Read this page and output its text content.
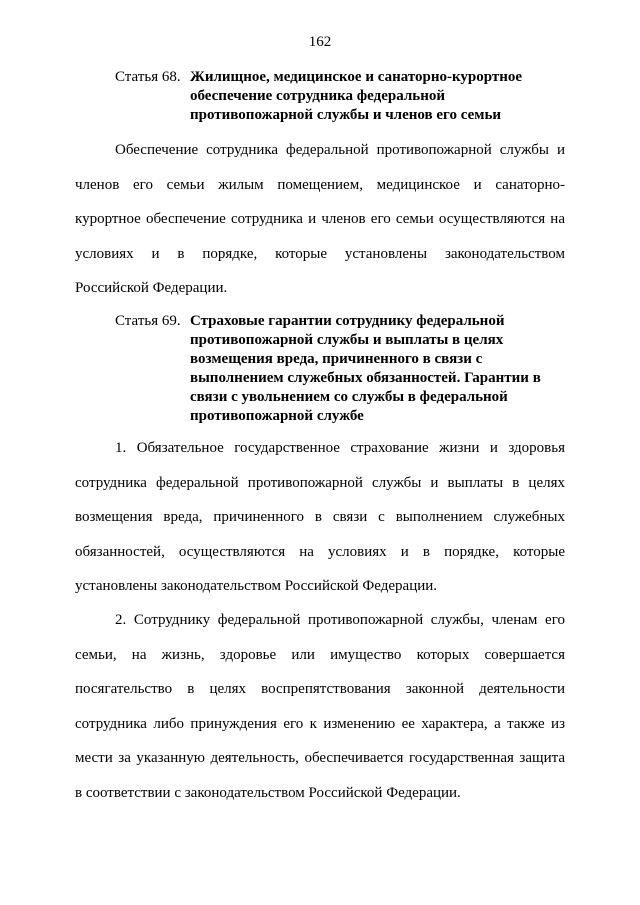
162
Статья 68. Жилищное, медицинское и санаторно-курортное
обеспечение сотрудника федеральной
противопожарной службы и членов его семьи
Обеспечение сотрудника федеральной противопожарной службы и
членов его семьи жилым помещением, медицинское и санаторно-
курортное обеспечение сотрудника и членов его семьи осуществляются на
условиях и в порядке, которые установлены законодательством
Российской Федерации.
Статья 69. Страховые гарантии сотруднику федеральной
противопожарной службы и выплаты в целях
возмещения вреда, причиненного в связи с
выполнением служебных обязанностей. Гарантии в
связи с увольнением со службы в федеральной
противопожарной службе
1. Обязательное государственное страхование жизни и здоровья
сотрудника федеральной противопожарной службы и выплаты в целях
возмещения вреда, причиненного в связи с выполнением служебных
обязанностей, осуществляются на условиях и в порядке, которые
установлены законодательством Российской Федерации.
2. Сотруднику федеральной противопожарной службы, членам его
семьи, на жизнь, здоровье или имущество которых совершается
посягательство в целях воспрепятствования законной деятельности
сотрудника либо принуждения его к изменению ее характера, а также из
мести за указанную деятельность, обеспечивается государственная защита
в соответствии с законодательством Российской Федерации.
